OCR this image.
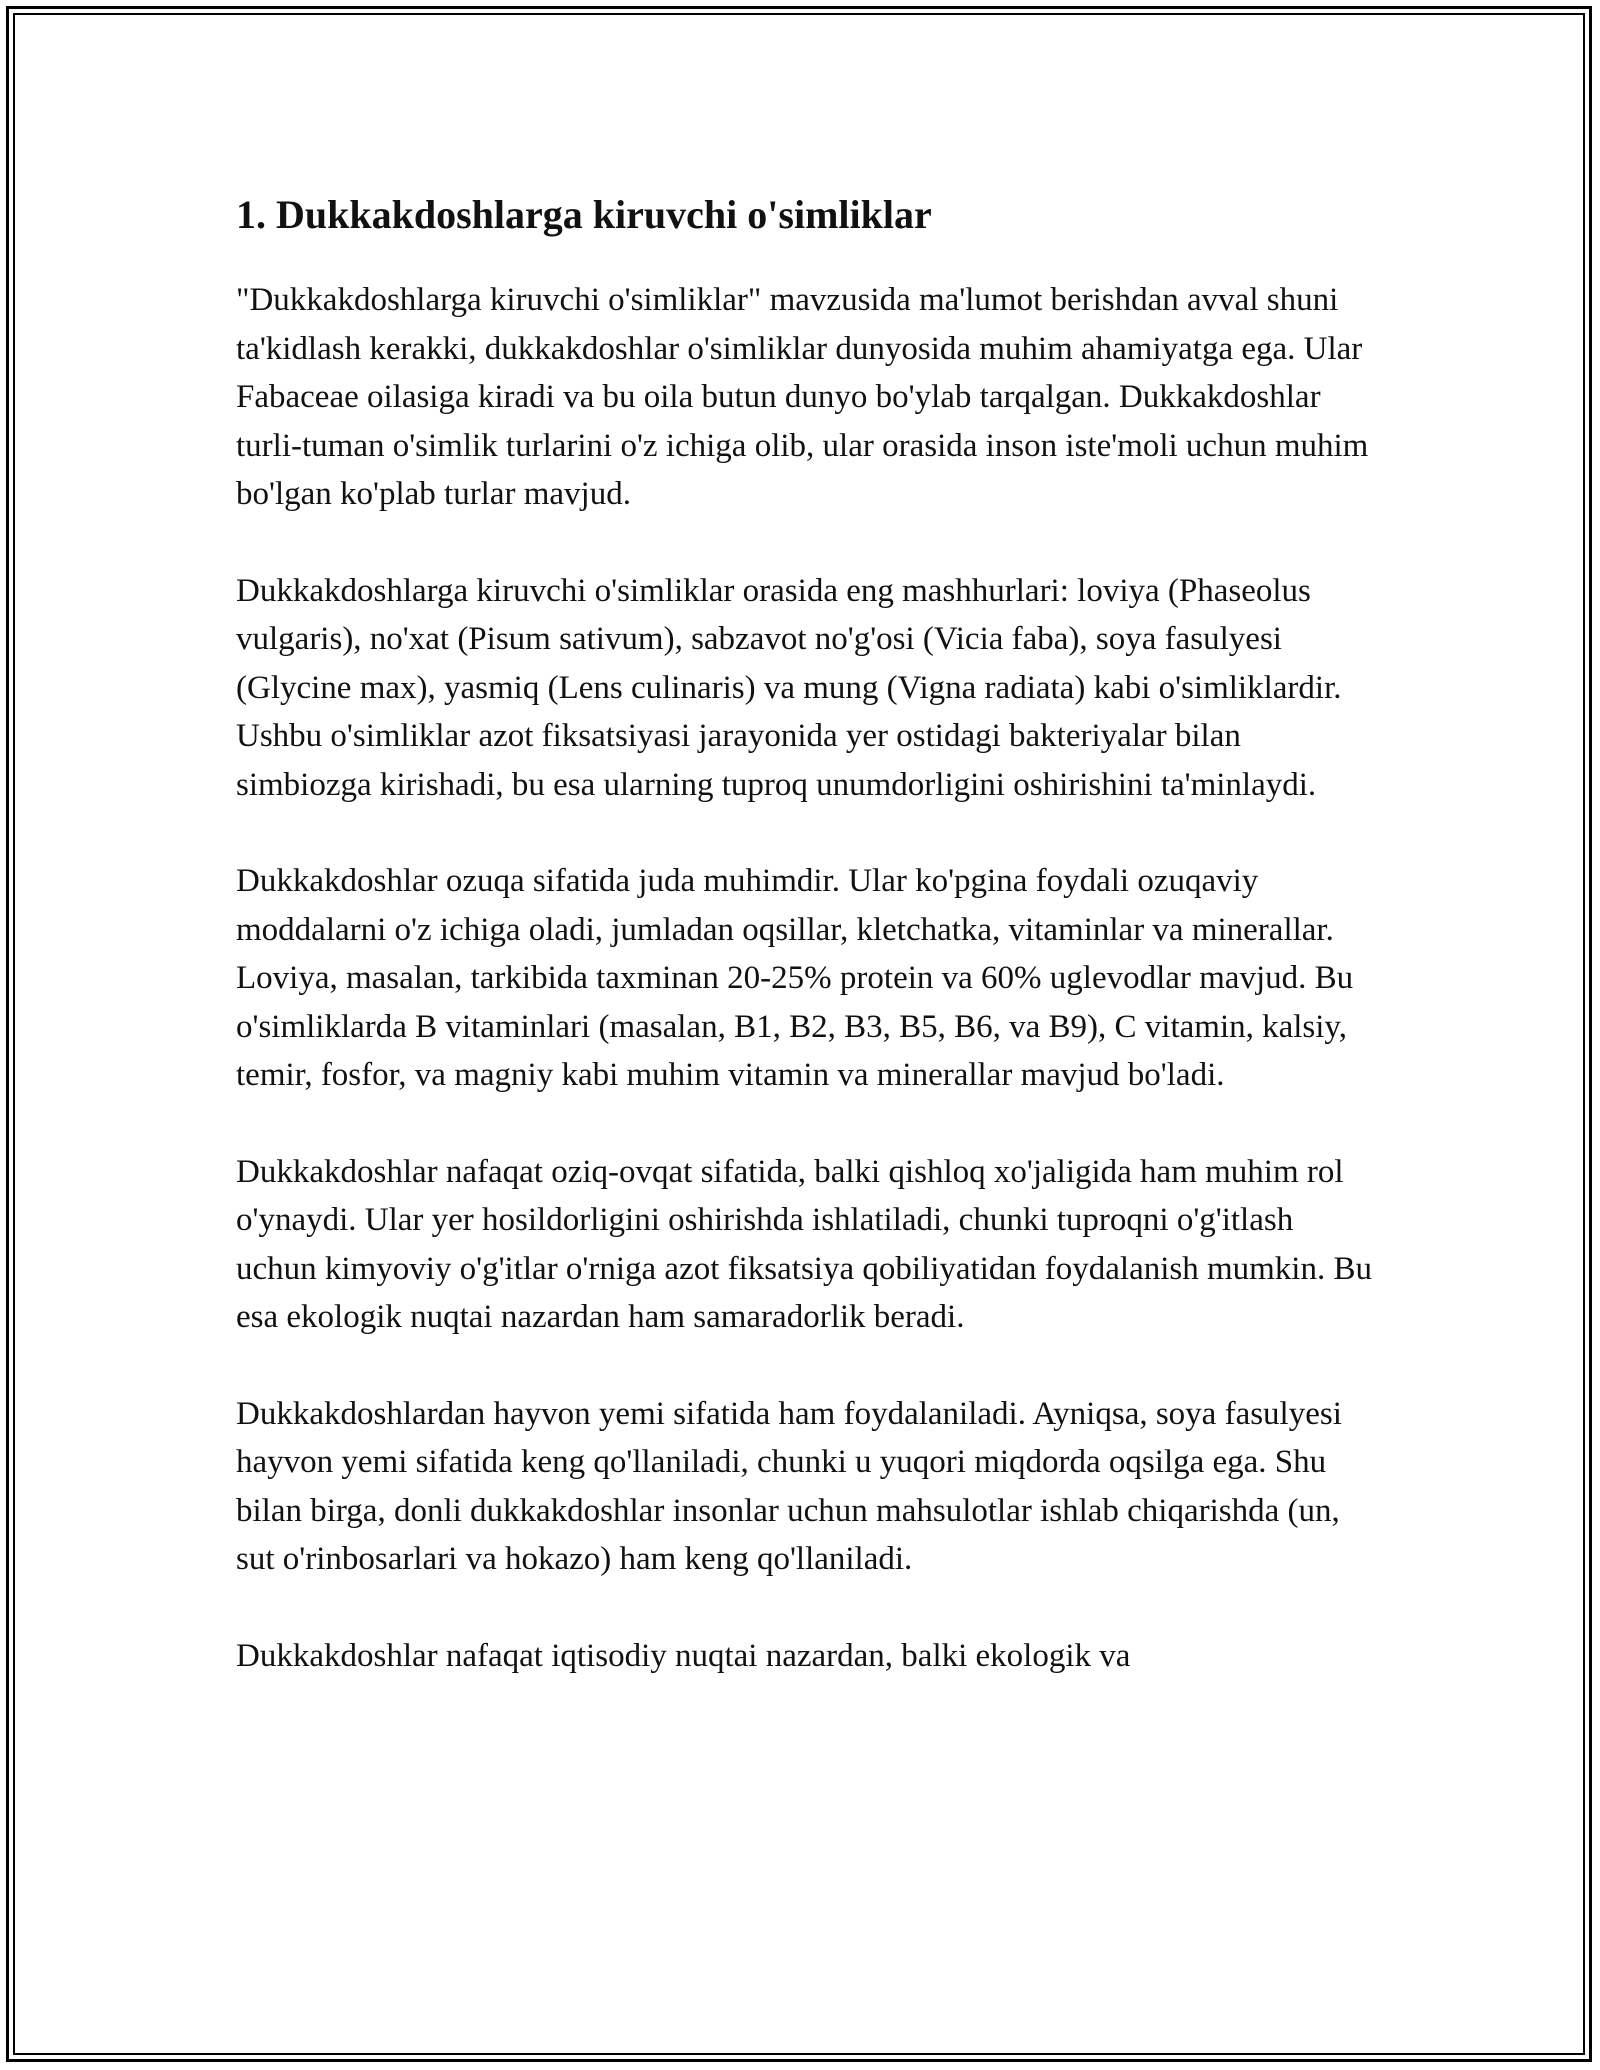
1. Dukkakdoshlarga kiruvchi o'simliklar

"Dukkakdoshlarga kiruvchi o'simliklar" mavzusida ma'lumot berishdan avval shuni ta'kidlash kerakki, dukkakdoshlar o'simliklar dunyosida muhim ahamiyatga ega. Ular Fabaceae oilasiga kiradi va bu oila butun dunyo bo'ylab tarqalgan. Dukkakdoshlar turli-tuman o'simlik turlarini o'z ichiga olib, ular orasida inson iste'moli uchun muhim bo'lgan ko'plab turlar mavjud.

Dukkakdoshlarga kiruvchi o'simliklar orasida eng mashhurlari: loviya (Phaseolus vulgaris), no'xat (Pisum sativum), sabzavot no'g'osi (Vicia faba), soya fasulyesi (Glycine max), yasmiq (Lens culinaris) va mung (Vigna radiata) kabi o'simliklardir. Ushbu o'simliklar azot fiksatsiyasi jarayonida yer ostidagi bakteriyalar bilan simbiozga kirishadi, bu esa ularning tuproq unumdorligini oshirishini ta'minlaydi.

Dukkakdoshlar ozuqa sifatida juda muhimdir. Ular ko'pgina foydali ozuqaviy moddalarni o'z ichiga oladi, jumladan oqsillar, kletchatka, vitaminlar va minerallar. Loviya, masalan, tarkibida taxminan 20-25% protein va 60% uglevodlar mavjud. Bu o'simliklarda B vitaminlari (masalan, B1, B2, B3, B5, B6, va B9), C vitamin, kalsiy, temir, fosfor, va magniy kabi muhim vitamin va minerallar mavjud bo'ladi.

Dukkakdoshlar nafaqat oziq-ovqat sifatida, balki qishloq xo'jaligida ham muhim rol o'ynaydi. Ular yer hosildorligini oshirishda ishlatiladi, chunki tuproqni o'g'itlash uchun kimyoviy o'g'itlar o'rniga azot fiksatsiya qobiliyatidan foydalanish mumkin. Bu esa ekologik nuqtai nazardan ham samaradorlik beradi.

Dukkakdoshlardan hayvon yemi sifatida ham foydalaniladi. Ayniqsa, soya fasulyesi hayvon yemi sifatida keng qo'llaniladi, chunki u yuqori miqdorda oqsilga ega. Shu bilan birga, donli dukkakdoshlar insonlar uchun mahsulotlar ishlab chiqarishda (un, sut o'rinbosarlari va hokazo) ham keng qo'llaniladi.

Dukkakdoshlar nafaqat iqtisodiy nuqtai nazardan, balki ekologik va
